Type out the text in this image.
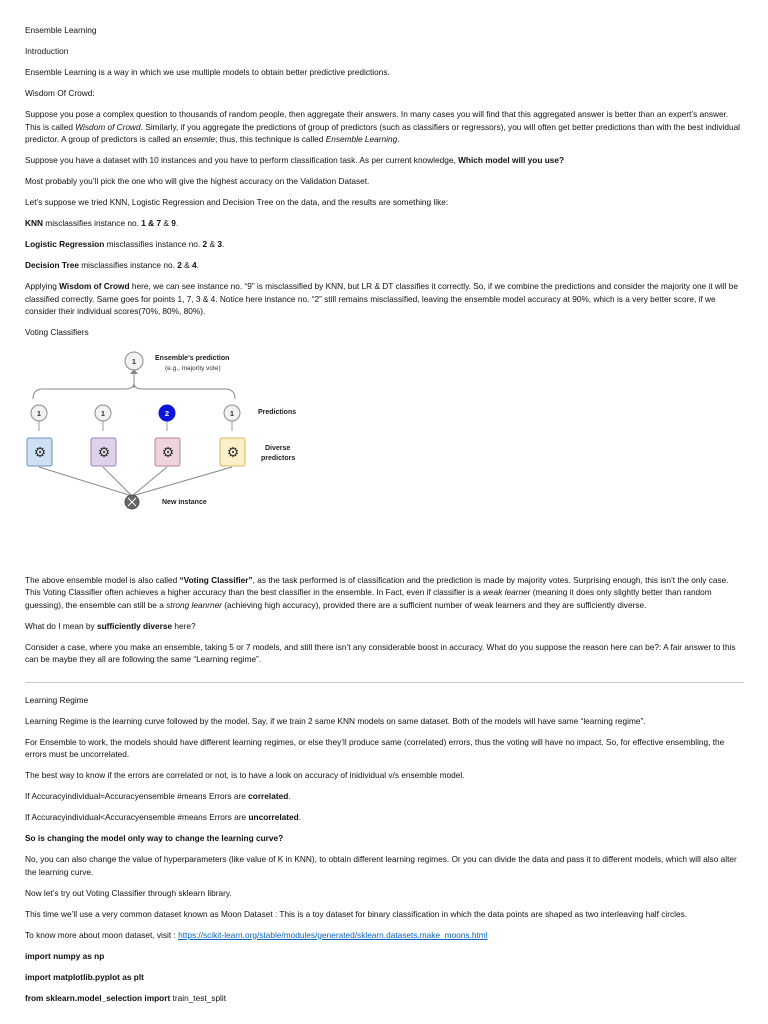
Ensemble Learning

Introduction

Ensemble Learning is a way in which we use multiple models to obtain better predictive predictions.

Wisdom Of Crowd:

Suppose you pose a complex question to thousands of random people, then aggregate their answers. In many cases you will find that this aggregated answer is better than an expert’s answer. This is called Wisdom of Crowd. Similarly, if you aggregate the predictions of group of predictors (such as classifiers or regressors), you will often get better predictions than with the best individual predictor. A group of predictors is called an ensemle; thus, this technique is called Ensemble Learning.

Suppose you have a dataset with 10 instances and you have to perform classification task. As per current knowledge, Which model will you use?

Most probably you’ll pick the one who will give the highest accuracy on the Validation Dataset.

Let’s suppose we tried KNN, Logistic Regression and Decision Tree on the data, and the results are something like:

KNN misclassifies instance no. 1 & 7 & 9.

Logistic Regression misclassifies instance no. 2 & 3.

Decision Tree misclassifies instance no. 2 & 4.

Applying Wisdom of Crowd here, we can see instance no. “9” is misclassified by KNN, but LR & DT classifies it correctly. So, if we combine the predictions and consider the majority one it will be classified correctly. Same goes for points 1, 7, 3 & 4. Notice here instance no. “2” still remains misclassified, leaving the ensemble model accuracy at 90%, which is a very better score, if we consider their individual scores(70%, 80%, 80%).

Voting Classifiers

1	Ensemble's prediction
(e.g., majority vote)
1	1	2	1
⚙	⚙	⚙	⚙
New instance
Predictions
Diverse
predictors

The above ensemble model is also called “Voting Classifier”, as the task performed is of classification and the prediction is made by majority votes. Surprising enough, this isn’t the only case. This Voting Classifier often achieves a higher accuracy than the best classifier in the ensemble. In Fact, even if classifier is a weak learner (meaning it does only slightly better than random guessing), the ensemble can still be a strong leanrner (achieving high accuracy), provided there are a sufficient number of weak learners and they are sufficiently diverse.

What do I mean by sufficiently diverse here?

Consider a case, where you make an ensemble, taking 5 or 7 models, and still there isn’t any considerable boost in accuracy. What do you suppose the reason here can be?: A fair answer to this can be maybe they all are following the same “Learning regime”.

Learning Regime

Learning Regime is the learning curve followed by the model. Say, if we train 2 same KNN models on same dataset. Both of the models will have same “learning regime”.

For Ensemble to work, the models should have different learning regimes, or else they’ll produce same (correlated) errors, thus the voting will have no impact. So, for effective ensembling, the errors must be uncorrelated.

The best way to know if the errors are correlated or not, is to have a look on accuracy of inidividual v/s ensemble model.

If Accuracyindividual≈Accuracyensemble #means Errors are correlated.

If Accuracyindividual<Accuracyensemble #means Errors are uncorrelated.

So is changing the model only way to change the learning curve?

No, you can also change the value of hyperparameters (like value of K in KNN), to obtain different learning regimes. Or you can divide the data and pass it to different models, which will also alter the learning curve.

Now let’s try out Voting Classifier through sklearn library.

This time we’ll use a very common dataset known as Moon Dataset : This is a toy dataset for binary classification in which the data points are shaped as two interleaving half circles.

To know more about moon dataset, visit : https://scikit-learn.org/stable/modules/generated/sklearn.datasets.make_moons.html

import numpy as np

import matplotlib.pyplot as plt

from sklearn.model_selection import train_test_split
